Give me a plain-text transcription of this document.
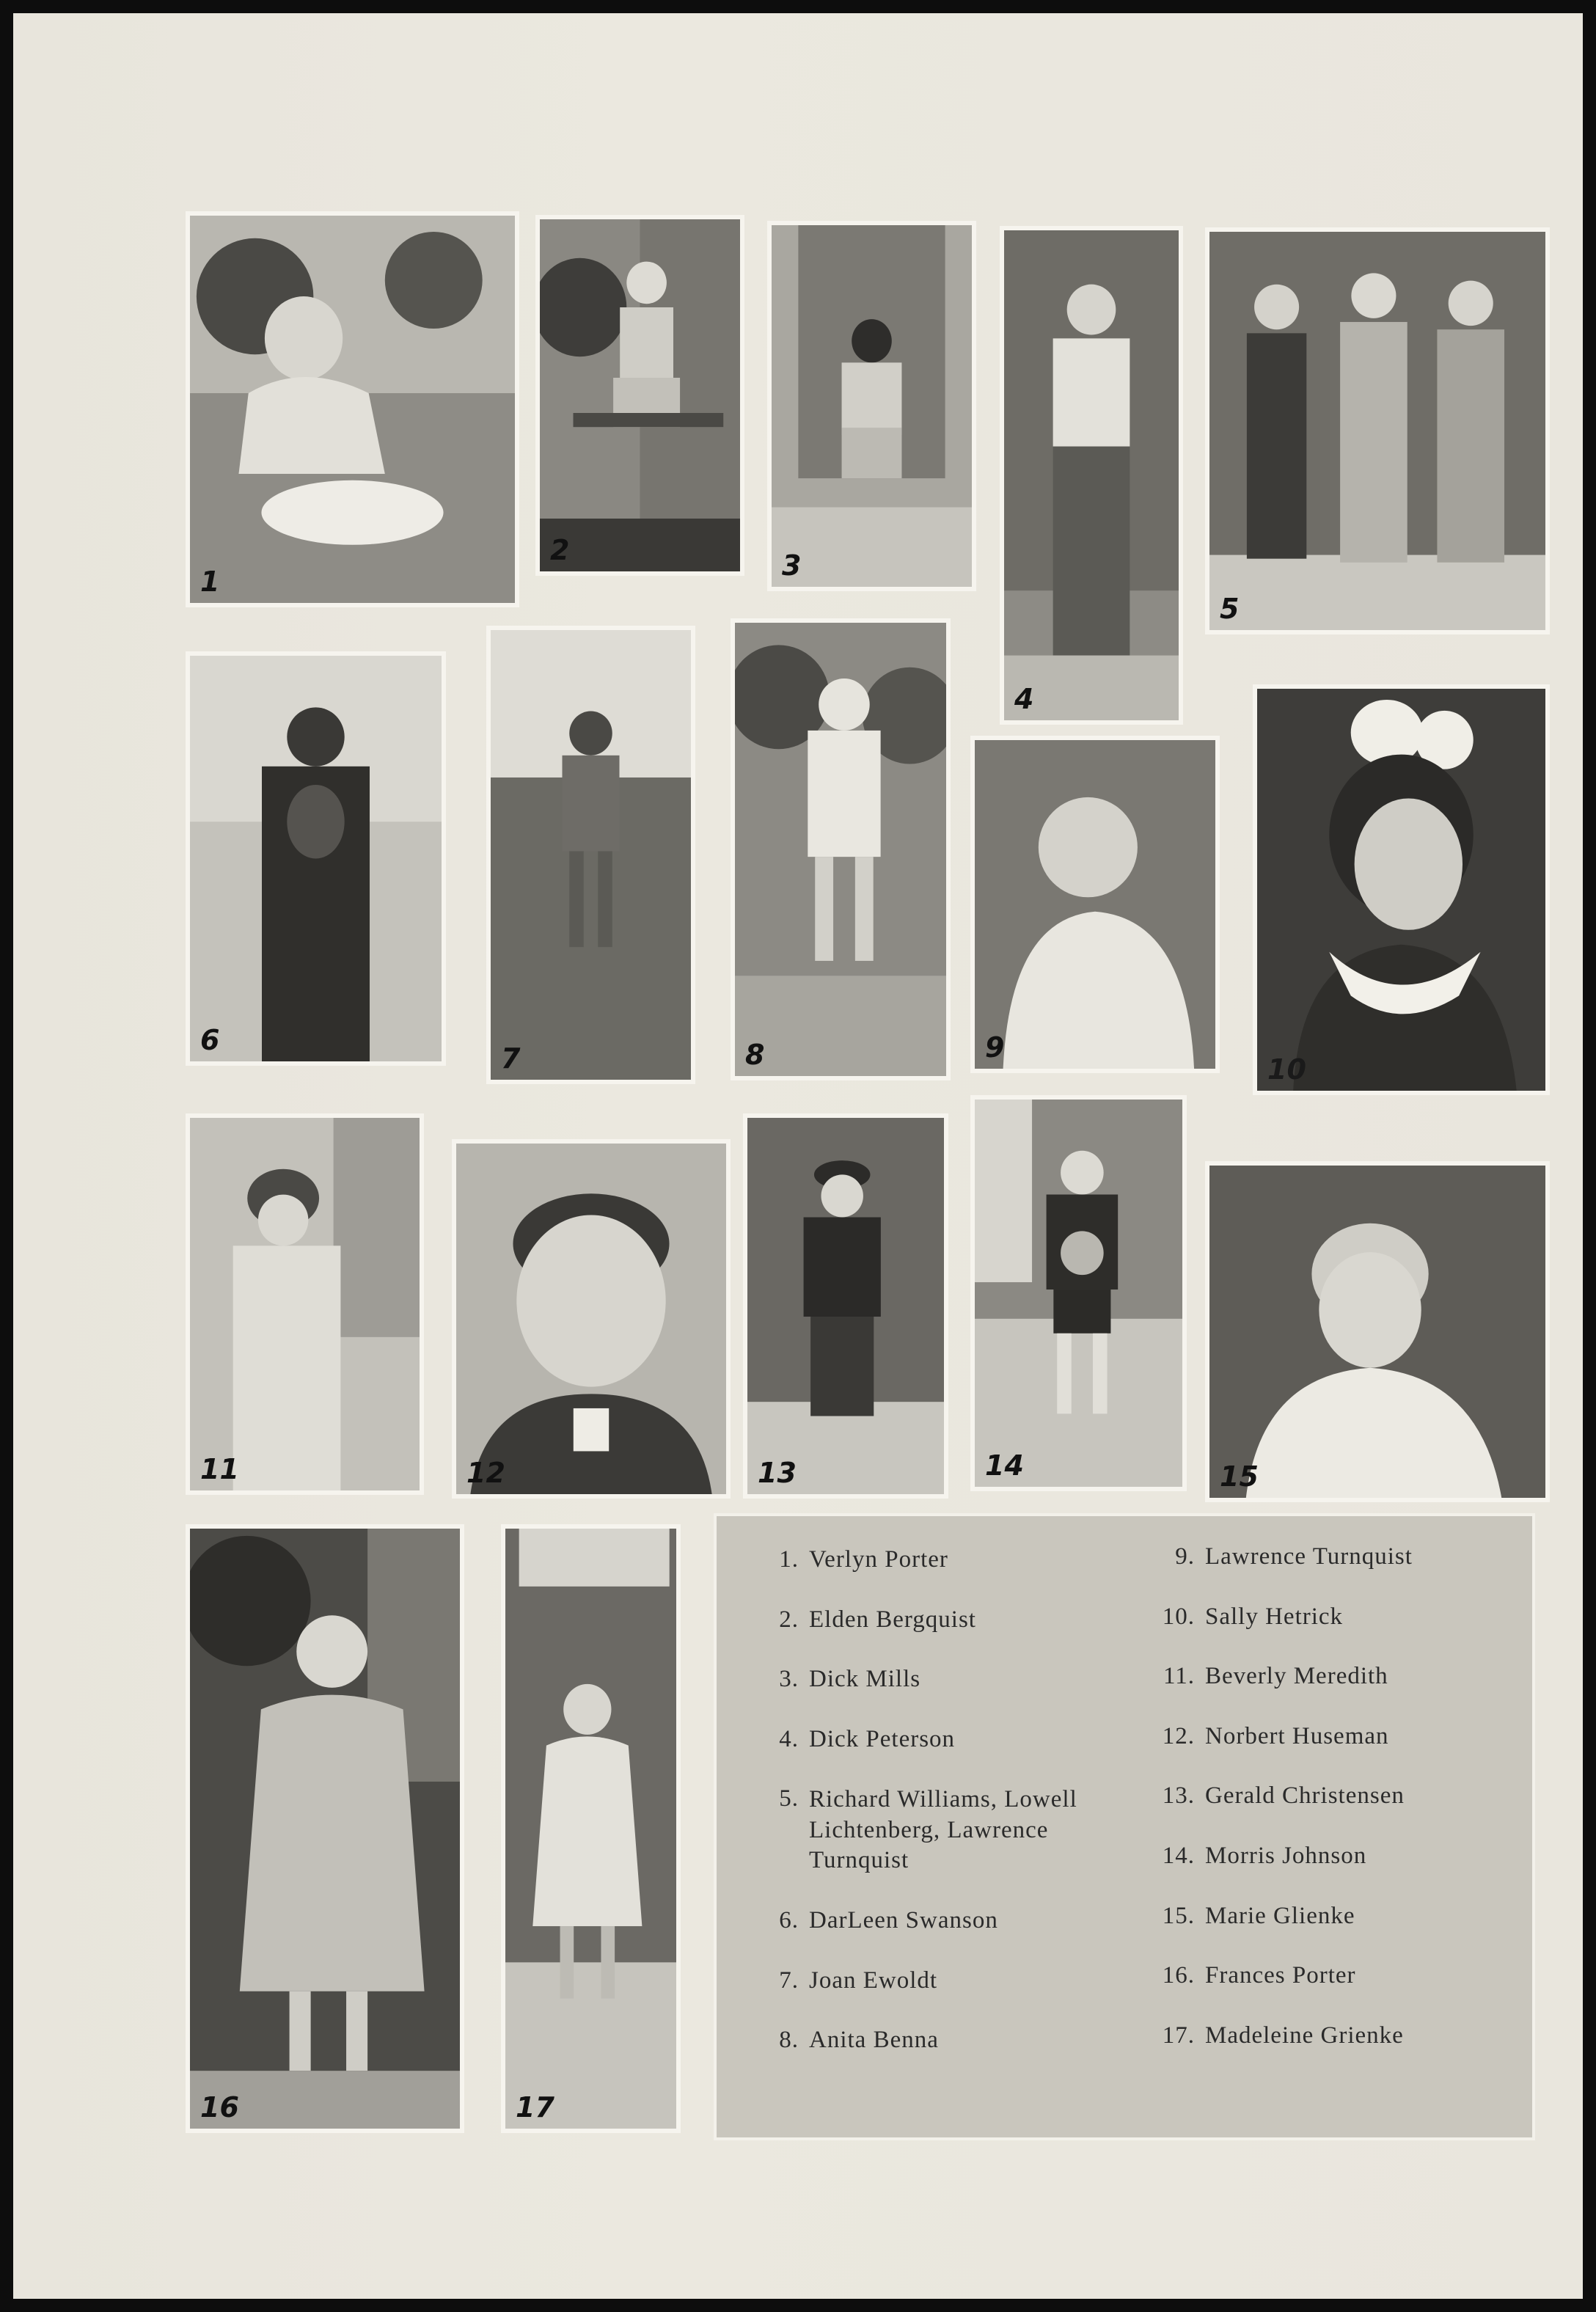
1
2	3
4
5
6
7	8	9
10
11	12	13	14	15
16	17
1. Verlyn Porter
2. Elden Bergquist
3. Dick Mills
4. Dick Peterson
5. Richard Williams, Lowell Lichtenberg, Lawrence Turnquist
6. DarLeen Swanson
7. Joan Ewoldt
8. Anita Benna
9. Lawrence Turnquist
10. Sally Hetrick
11. Beverly Meredith
12. Norbert Huseman
13. Gerald Christensen
14. Morris Johnson
15. Marie Glienke
16. Frances Porter
17. Madeleine Grienke
